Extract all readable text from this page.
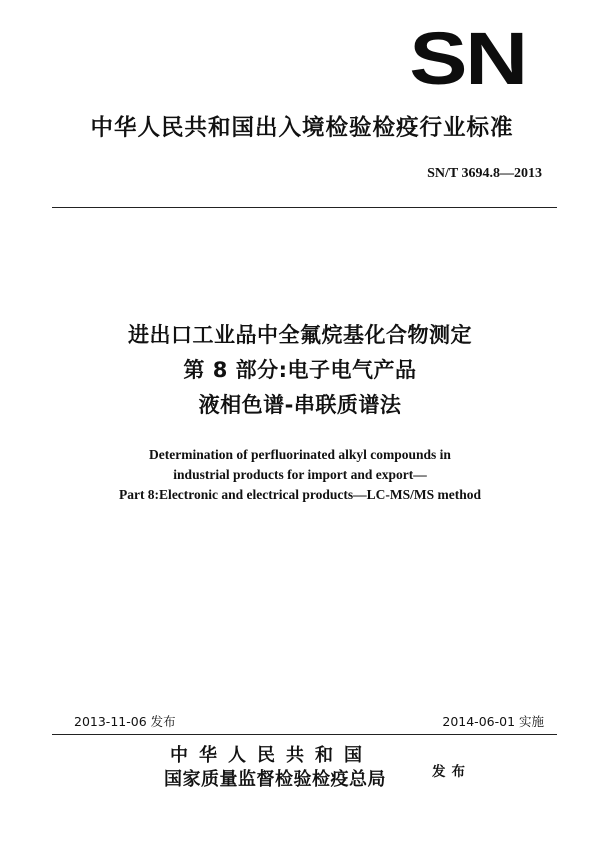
SN
中华人民共和国出入境检验检疫行业标准
SN/T 3694.8—2013
进出口工业品中全氟烷基化合物测定
第 8 部分:电子电气产品
液相色谱-串联质谱法
Determination of perfluorinated alkyl compounds in
industrial products for import and export—
Part 8:Electronic and electrical products—LC-MS/MS method
2013-11-06 发布	2014-06-01 实施
中华人民共和国
国家质量监督检验检疫总局	发布
